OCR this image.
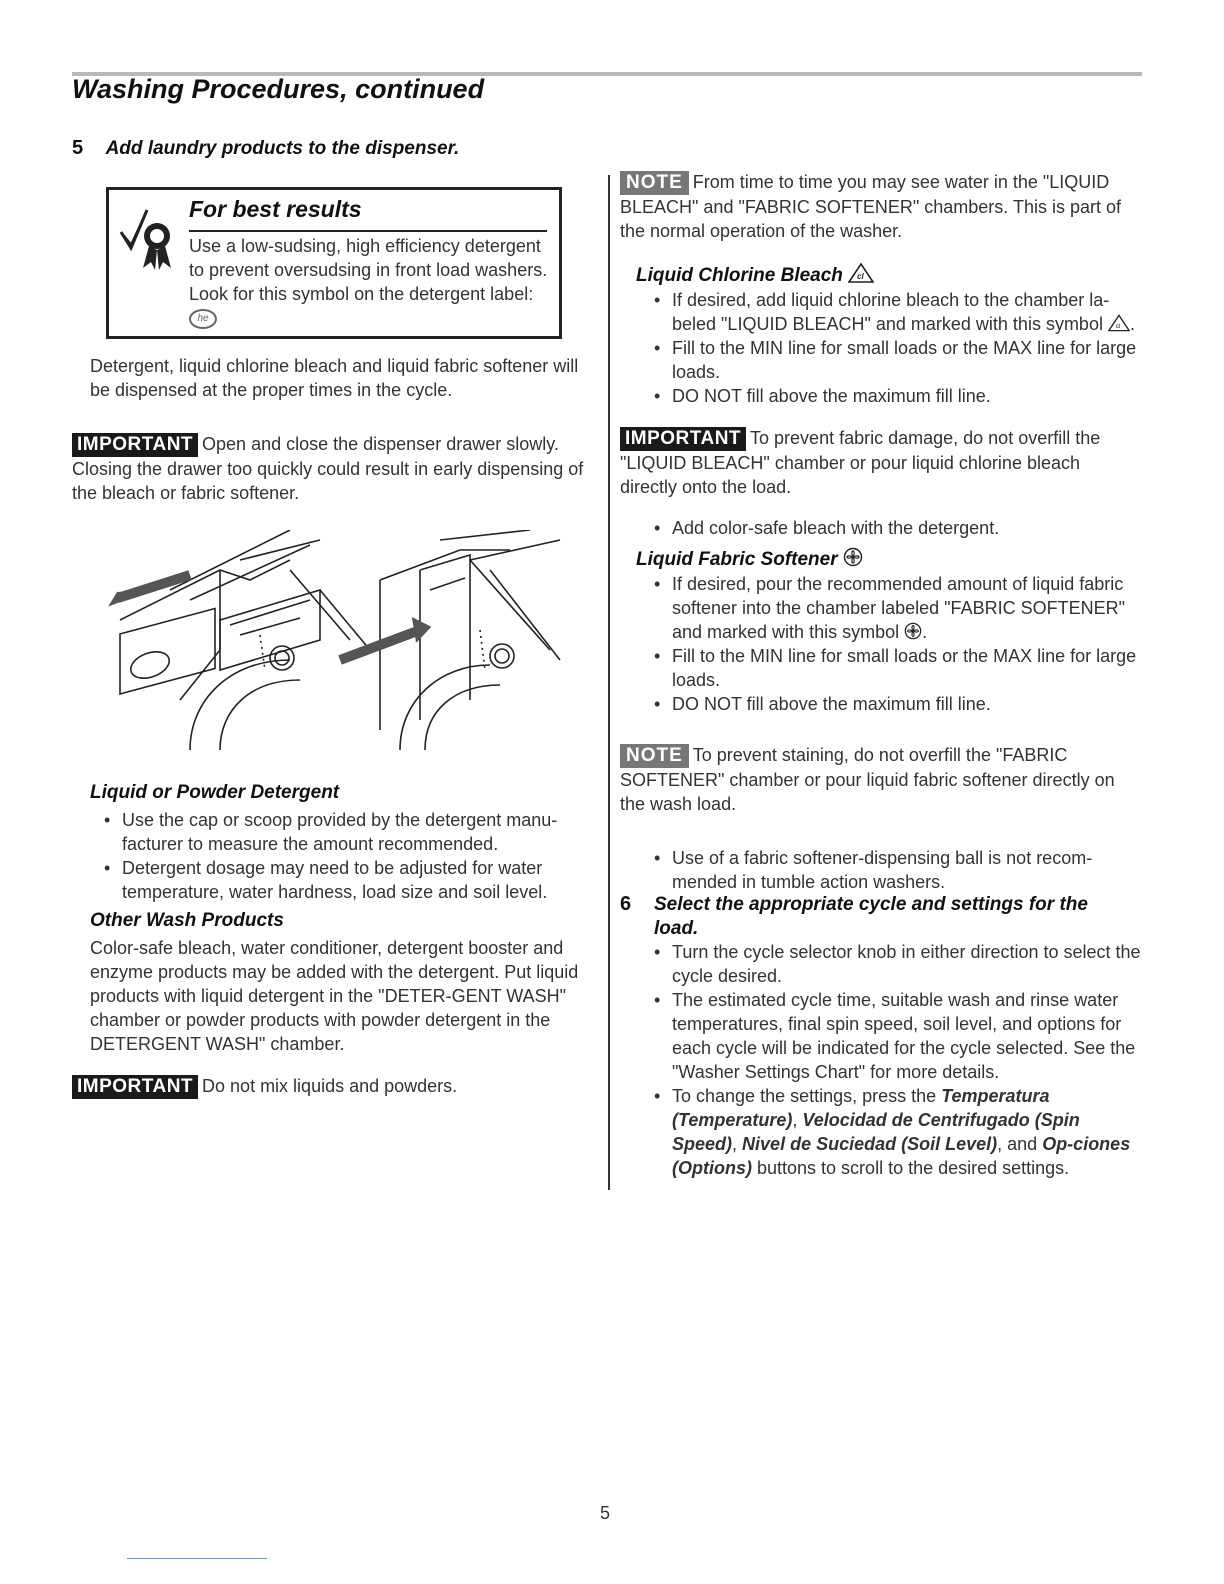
Washing Procedures, continued
5 Add laundry products to the dispenser.
For best results
Use a low-sudsing, high efficiency detergent to prevent oversudsing in front load washers. Look for this symbol on the detergent label: he
Detergent, liquid chlorine bleach and liquid fabric softener will be dispensed at the proper times in the cycle.
IMPORTANT Open and close the dispenser drawer slowly. Closing the drawer too quickly could result in early dispensing of the bleach or fabric softener.
Liquid or Powder Detergent
• Use the cap or scoop provided by the detergent manu-facturer to measure the amount recommended.
• Detergent dosage may need to be adjusted for water temperature, water hardness, load size and soil level.
Other Wash Products
Color-safe bleach, water conditioner, detergent booster and enzyme products may be added with the detergent. Put liquid products with liquid detergent in the "DETER-GENT WASH" chamber or powder products with powder detergent in the DETERGENT WASH" chamber.
IMPORTANT Do not mix liquids and powders.
NOTE From time to time you may see water in the "LIQUID BLEACH" and "FABRIC SOFTENER" chambers. This is part of the normal operation of the washer.
Liquid Chlorine Bleach cl
• If desired, add liquid chlorine bleach to the chamber la-beled "LIQUID BLEACH" and marked with this symbol cl .
• Fill to the MIN line for small loads or the MAX line for large loads.
• DO NOT fill above the maximum fill line.
IMPORTANT To prevent fabric damage, do not overfill the "LIQUID BLEACH" chamber or pour liquid chlorine bleach directly onto the load.
• Add color-safe bleach with the detergent.
Liquid Fabric Softener
• If desired, pour the recommended amount of liquid fabric softener into the chamber labeled "FABRIC SOFTENER" and marked with this symbol .
• Fill to the MIN line for small loads or the MAX line for large loads.
• DO NOT fill above the maximum fill line.
NOTE To prevent staining, do not overfill the "FABRIC SOFTENER" chamber or pour liquid fabric softener directly on the wash load.
• Use of a fabric softener-dispensing ball is not recom-mended in tumble action washers.
6 Select the appropriate cycle and settings for the load.
• Turn the cycle selector knob in either direction to select the cycle desired.
• The estimated cycle time, suitable wash and rinse water temperatures, final spin speed, soil level, and options for each cycle will be indicated for the cycle selected. See the "Washer Settings Chart" for more details.
• To change the settings, press the Temperatura (Temperature), Velocidad de Centrifugado (Spin Speed), Nivel de Suciedad (Soil Level), and Op-ciones (Options) buttons to scroll to the desired settings.
5
